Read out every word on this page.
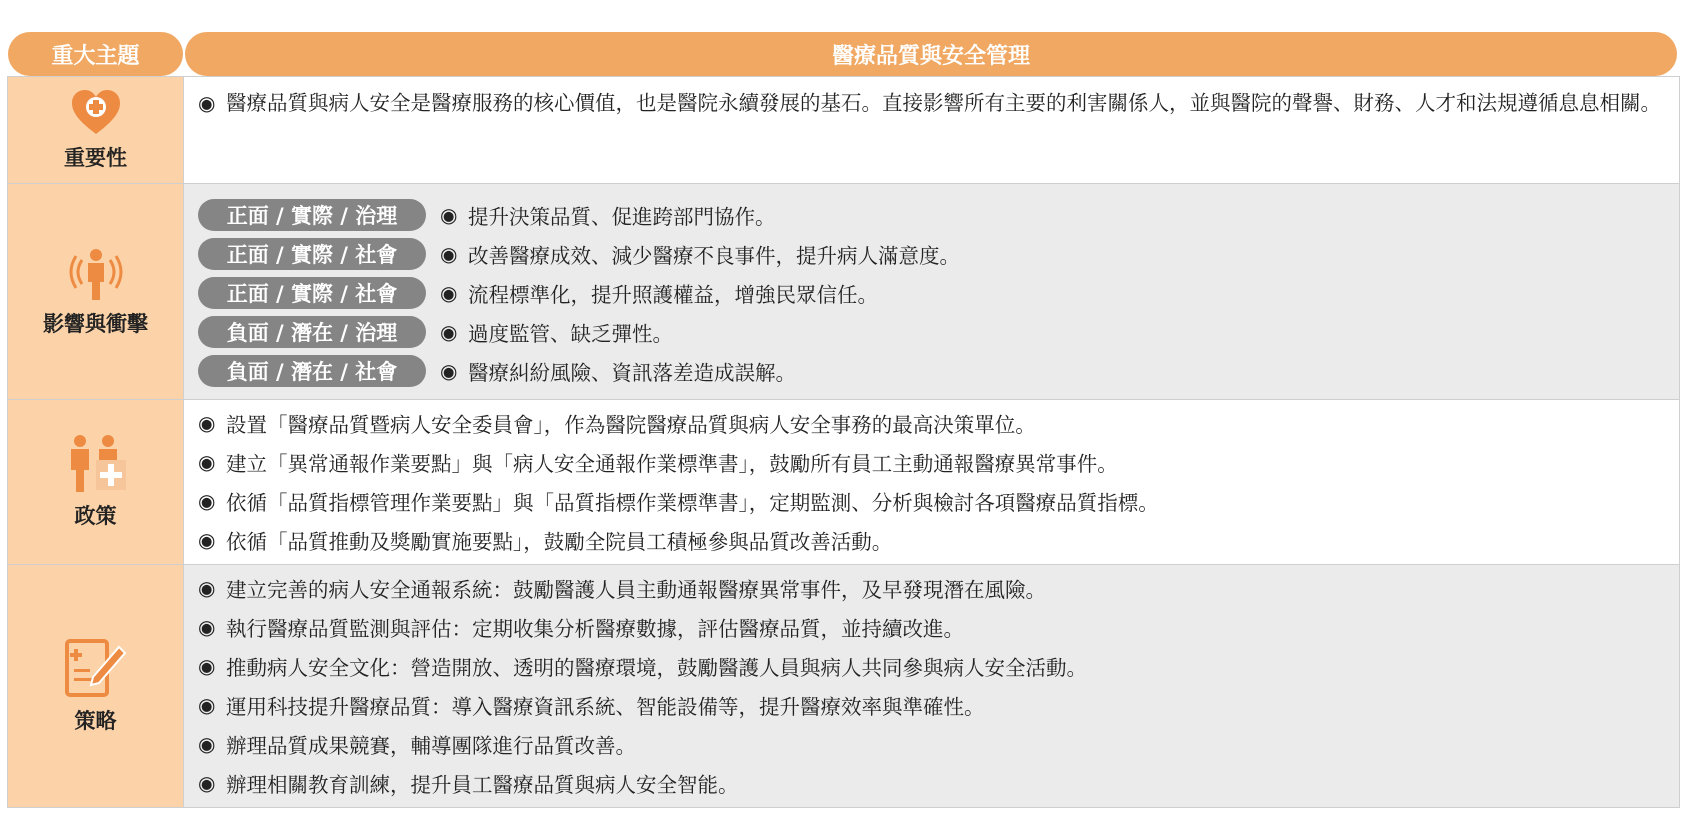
重大主題	醫療品質與安全管理
重要性
◉ 醫療品質與病人安全是醫療服務的核心價值，也是醫院永續發展的基石。直接影響所有主要的利害關係人，並與醫院的聲譽、財務、人才和法規遵循息息相關。
影響與衝擊
正面 / 實際 / 治理	◉ 提升決策品質、促進跨部門協作。
正面 / 實際 / 社會	◉ 改善醫療成效、減少醫療不良事件，提升病人滿意度。
正面 / 實際 / 社會	◉ 流程標準化，提升照護權益，增強民眾信任。
負面 / 潛在 / 治理	◉ 過度監管、缺乏彈性。
負面 / 潛在 / 社會	◉ 醫療糾紛風險、資訊落差造成誤解。
政策
◉ 設置「醫療品質暨病人安全委員會」，作為醫院醫療品質與病人安全事務的最高決策單位。
◉ 建立「異常通報作業要點」與「病人安全通報作業標準書」，鼓勵所有員工主動通報醫療異常事件。
◉ 依循「品質指標管理作業要點」與「品質指標作業標準書」，定期監測、分析與檢討各項醫療品質指標。
◉ 依循「品質推動及獎勵實施要點」，鼓勵全院員工積極參與品質改善活動。
策略
◉ 建立完善的病人安全通報系統：鼓勵醫護人員主動通報醫療異常事件，及早發現潛在風險。
◉ 執行醫療品質監測與評估：定期收集分析醫療數據，評估醫療品質，並持續改進。
◉ 推動病人安全文化：營造開放、透明的醫療環境，鼓勵醫護人員與病人共同參與病人安全活動。
◉ 運用科技提升醫療品質：導入醫療資訊系統、智能設備等，提升醫療效率與準確性。
◉ 辦理品質成果競賽，輔導團隊進行品質改善。
◉ 辦理相關教育訓練，提升員工醫療品質與病人安全智能。
